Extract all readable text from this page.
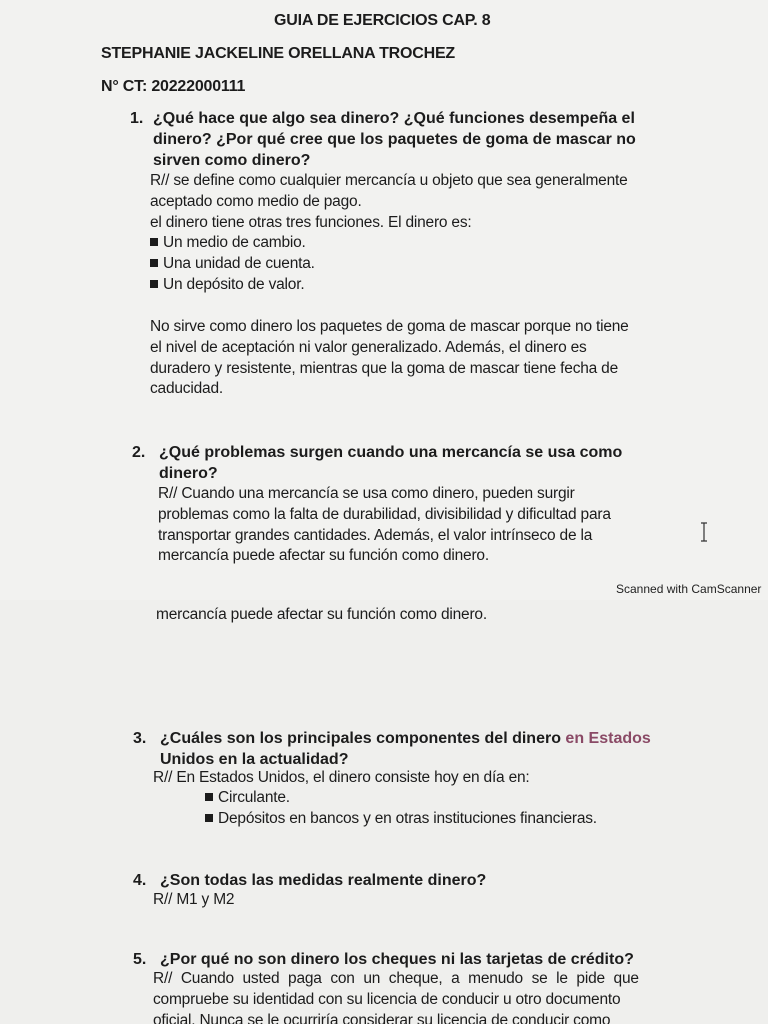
GUIA DE EJERCICIOS CAP. 8
STEPHANIE JACKELINE ORELLANA TROCHEZ
N° CT: 20222000111
1. ¿Qué hace que algo sea dinero? ¿Qué funciones desempeña el
dinero? ¿Por qué cree que los paquetes de goma de mascar no
sirven como dinero?
R// se define como cualquier mercancía u objeto que sea generalmente
aceptado como medio de pago.
el dinero tiene otras tres funciones. El dinero es:
Un medio de cambio.
Una unidad de cuenta.
Un depósito de valor.
No sirve como dinero los paquetes de goma de mascar porque no tiene
el nivel de aceptación ni valor generalizado. Además, el dinero es
duradero y resistente, mientras que la goma de mascar tiene fecha de
caducidad.
2. ¿Qué problemas surgen cuando una mercancía se usa como
dinero?
R// Cuando una mercancía se usa como dinero, pueden surgir
problemas como la falta de durabilidad, divisibilidad y dificultad para
transportar grandes cantidades. Además, el valor intrínseco de la
mercancía puede afectar su función como dinero.
Scanned with CamScanner
mercancía puede afectar su función como dinero.
3. ¿Cuáles son los principales componentes del dinero en Estados
Unidos en la actualidad?
R// En Estados Unidos, el dinero consiste hoy en día en:
Circulante.
Depósitos en bancos y en otras instituciones financieras.
4. ¿Son todas las medidas realmente dinero?
R// M1 y M2
5. ¿Por qué no son dinero los cheques ni las tarjetas de crédito?
R// Cuando usted paga con un cheque, a menudo se le pide que
compruebe su identidad con su licencia de conducir u otro documento
oficial. Nunca se le ocurriría considerar su licencia de conducir como
